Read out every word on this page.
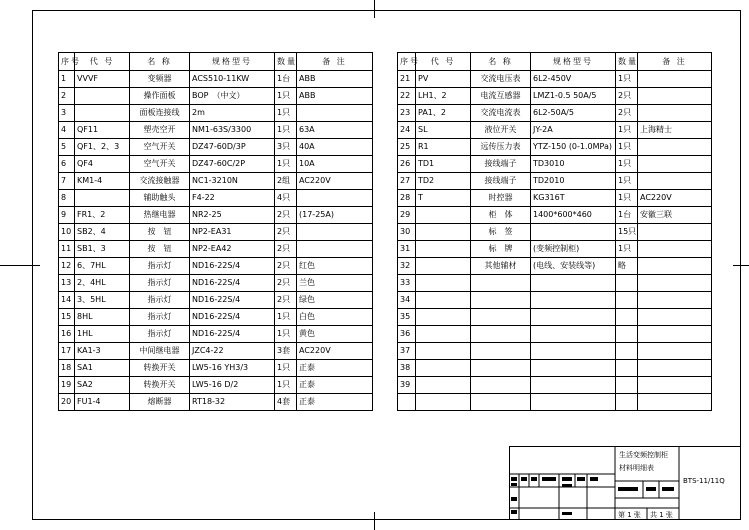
序号	代 号	名 称	规格型号	数量	备 注
1	VVVF	变频器	ACS510-11KW	1台	ABB
2		操作面板	BOP　（中文）	1只	ABB
3		面板连接线	2m	1只	
4	QF11	塑壳空开	NM1-63S/3300	1只	63A
5	QF1、2、3	空气开关	DZ47-60D/3P	3只	40A
6	QF4	空气开关	DZ47-60C/2P	1只	10A
7	KM1-4	交流接触器	NC1-3210N	2组	AC220V
8		辅助触头	F4-22	4只	
9	FR1、2	热继电器	NR2-25	2只	(17-25A)
10	SB2、4	按　钮	NP2-EA31	2只	
11	SB1、3	按　钮	NP2-EA42	2只	
12	6、7HL	指示灯	ND16-22S/4	2只	红色
13	2、4HL	指示灯	ND16-22S/4	2只	兰色
14	3、5HL	指示灯	ND16-22S/4	2只	绿色
15	8HL	指示灯	ND16-22S/4	1只	白色
16	1HL	指示灯	ND16-22S/4	1只	黄色
17	KA1-3	中间继电器	JZC4-22	3套	AC220V
18	SA1	转换开关	LW5-16 YH3/3	1只	正泰
19	SA2	转换开关	LW5-16 D/2	1只	正泰
20	FU1-4	熔断器	RT18-32	4套	正泰
序号	代 号	名 称	规格型号	数量	备 注
21	PV	交流电压表	6L2-450V	1只	
22	LH1、2	电流互感器	LMZ1-0.5 50A/5	2只	
23	PA1、2	交流电流表	6L2-50A/5	2只	
24	SL	液位开关	JY-2A	1只	上海精士
25	R1	远传压力表	YTZ-150 (0-1.0MPa)	1只	
26	TD1	接线端子	TD3010	1只	
27	TD2	接线端子	TD2010	1只	
28	T	时控器	KG316T	1只	AC220V
29		柜　体	1400*600*460	1台	安徽三联
30		标　签		15只	
31		标　牌	(变频控制柜)	1只	
32		其他辅材	(电线、安装线等)	略	
33					
34					
35					
36					
37					
38					
39					

生活变频控制柜
材料明细表
BTS-11/11Q
第 1 张 共 1 张
